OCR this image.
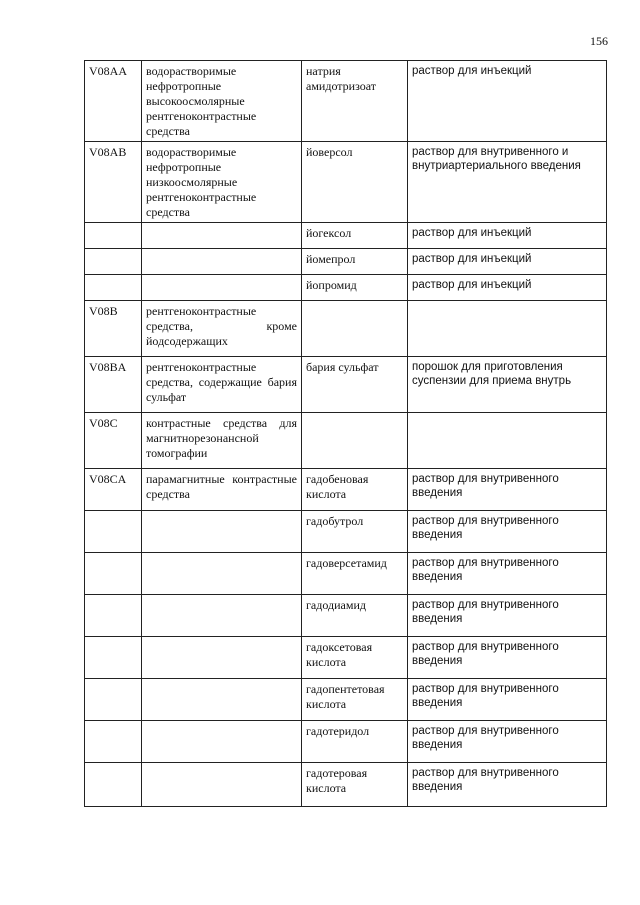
156
V08AA	водорастворимые нефротропные высокоосмолярные рентгеноконтрастные средства	натрия амидотризоат	раствор для инъекций
V08AB	водорастворимые нефротропные низкоосмолярные рентгеноконтрастные средства	йоверсол	раствор для внутривенного и внутриартериального введения
		йогексол	раствор для инъекций
		йомепрол	раствор для инъекций
		йопромид	раствор для инъекций
V08B	рентгеноконтрастные средства, кроме йодсодержащих		
V08BA	рентгеноконтрастные средства, содержащие бария сульфат	бария сульфат	порошок для приготовления суспензии для приема внутрь
V08C	контрастные средства для магнитнорезонансной томографии		
V08CA	парамагнитные контрастные средства	гадобеновая кислота	раствор для внутривенного введения
		гадобутрол	раствор для внутривенного введения
		гадоверсетамид	раствор для внутривенного введения
		гадодиамид	раствор для внутривенного введения
		гадоксетовая кислота	раствор для внутривенного введения
		гадопентетовая кислота	раствор для внутривенного введения
		гадотеридол	раствор для внутривенного введения
		гадотеровая кислота	раствор для внутривенного введения
